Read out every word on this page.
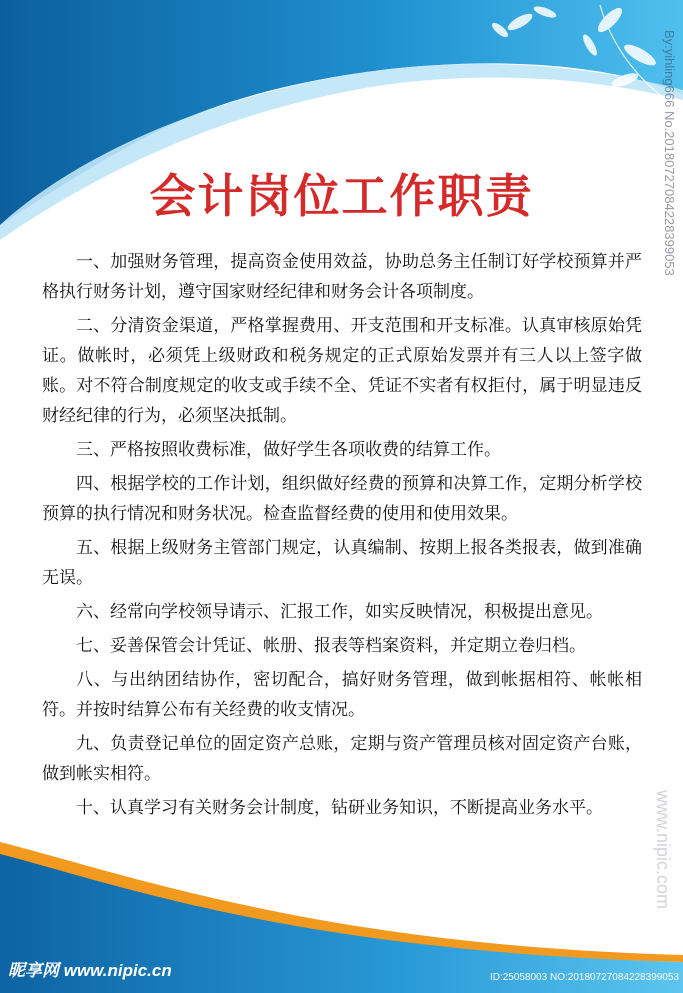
会计岗位工作职责

一、加强财务管理，提高资金使用效益，协助总务主任制订好学校预算并严格执行财务计划，遵守国家财经纪律和财务会计各项制度。

二、分清资金渠道，严格掌握费用、开支范围和开支标准。认真审核原始凭证。做帐时，必须凭上级财政和税务规定的正式原始发票并有三人以上签字做账。对不符合制度规定的收支或手续不全、凭证不实者有权拒付，属于明显违反财经纪律的行为，必须坚决抵制。

三、严格按照收费标准，做好学生各项收费的结算工作。

四、根据学校的工作计划，组织做好经费的预算和决算工作，定期分析学校预算的执行情况和财务状况。检查监督经费的使用和使用效果。

五、根据上级财务主管部门规定，认真编制、按期上报各类报表，做到准确无误。

六、经常向学校领导请示、汇报工作，如实反映情况，积极提出意见。

七、妥善保管会计凭证、帐册、报表等档案资料，并定期立卷归档。

八、与出纳团结协作，密切配合，搞好财务管理，做到帐据相符、帐帐相符。并按时结算公布有关经费的收支情况。

九、负责登记单位的固定资产总账，定期与资产管理员核对固定资产台账，做到帐实相符。

十、认真学习有关财务会计制度，钻研业务知识，不断提高业务水平。

By:yihling666 No.20180727084228399053
www.nipic.com
昵享网 www.nipic.cn	ID:25058003 NO:20180727084228399053
